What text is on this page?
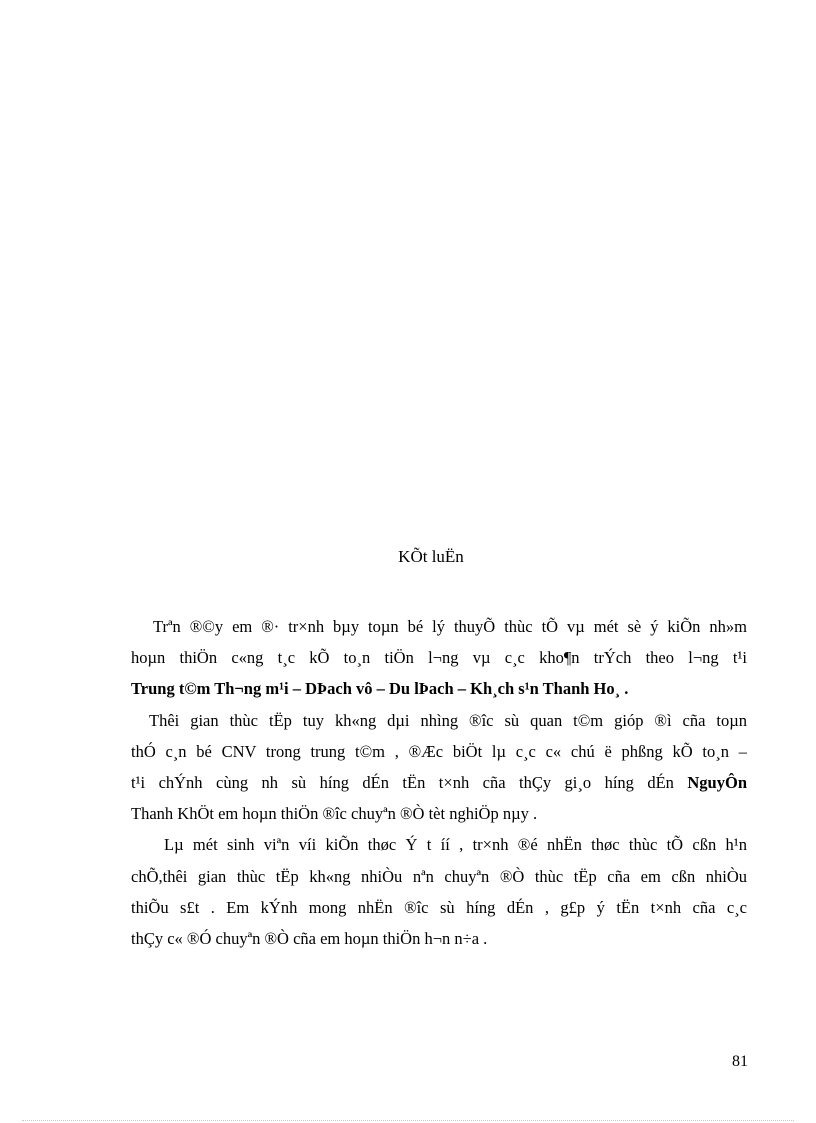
KÕt luËn
Trªn ®©y em ®· tr×nh bµy toµn bé lý thuyÕ thùc tÕ vµ mét sè ý kiÕn nh»m
hoµn thiÖn c«ng t¸c kÕ to¸n tiÖn l¬ng vµ c¸c kho¶n trÝch theo l¬ng t¹i
Trung t©m Th¬ng m¹i – DÞach vô – Du lÞach – Kh¸ch s¹n Thanh Ho¸ .
Thêi gian thùc tËp tuy kh«ng dµi nhìng ®îc sù quan t©m gióp ®ì cña toµn
thÓ c¸n bé CNV trong trung t©m , ®Æc biÖt lµ c¸c c« chú ë phßng kÕ to¸n –
t¹i chÝnh cùng nh sù híng dÉn tËn t×nh cña thÇy gi¸o híng dÉn NguyÔn
Thanh KhÖt em hoµn thiÖn ®îc chuyªn ®Ò tèt nghiÖp nµy .
Lµ mét sinh viªn víi kiÕn thøc Ý t íí , tr×nh ®é nhËn thøc thùc tÕ cßn h¹n
chÕ,thêi gian thùc tËp kh«ng nhiÒu nªn chuyªn ®Ò thùc tËp cña em cßn nhiÒu
thiÕu s£t . Em kÝnh mong nhËn ®îc sù híng dÉn , g£p ý tËn t×nh cña c¸c
thÇy c« ®Ó chuyªn ®Ò cña em hoµn thiÖn h¬n n÷a .
81
